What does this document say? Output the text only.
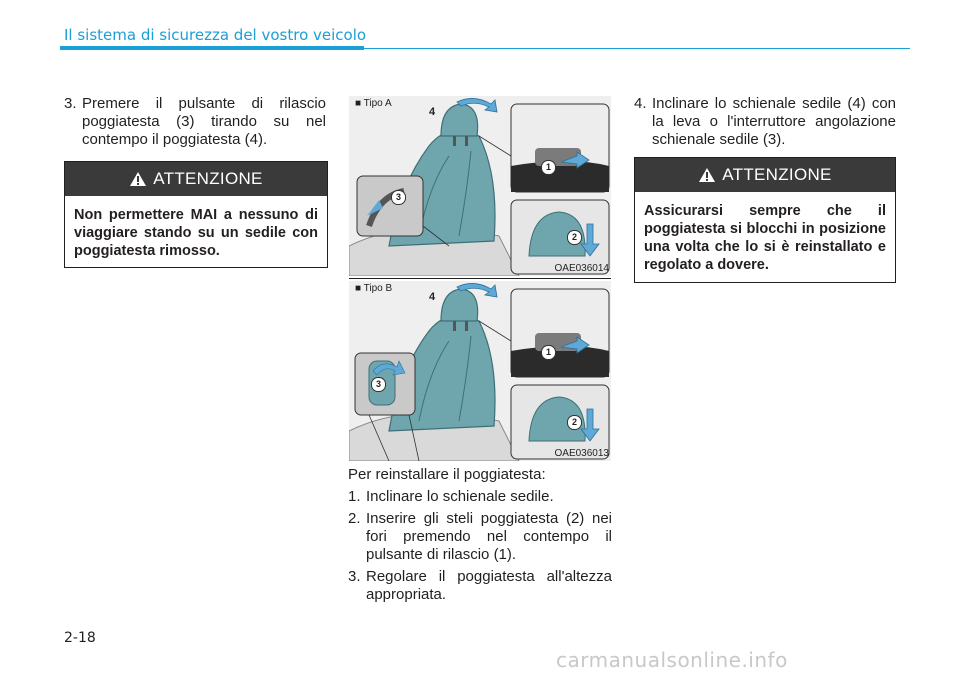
Il sistema di sicurezza del vostro veicolo
3. Premere il pulsante di rilascio poggiatesta (3) tirando su nel contempo il poggiatesta (4).
ATTENZIONE
Non permettere MAI a nessuno di viaggiare stando su un sedile con poggiatesta rimosso.
4
3
1
2
■ Tipo A
OAE036014
4
3
1
2
■ Tipo B
OAE036013

Per reinstallare il poggiatesta:

1. Inclinare lo schienale sedile.
2. Inserire gli steli poggiatesta (2) nei fori premendo nel contempo il pulsante di rilascio (1).
3. Regolare il poggiatesta all'altezza appropriata.
4. Inclinare lo schienale sedile (4) con la leva o l'interruttore angolazione schienale sedile (3).
ATTENZIONE
Assicurarsi sempre che il poggiatesta si blocchi in posizione una volta che lo si è reinstallato e regolato a dovere.
2-18
carmanualsonline.info
